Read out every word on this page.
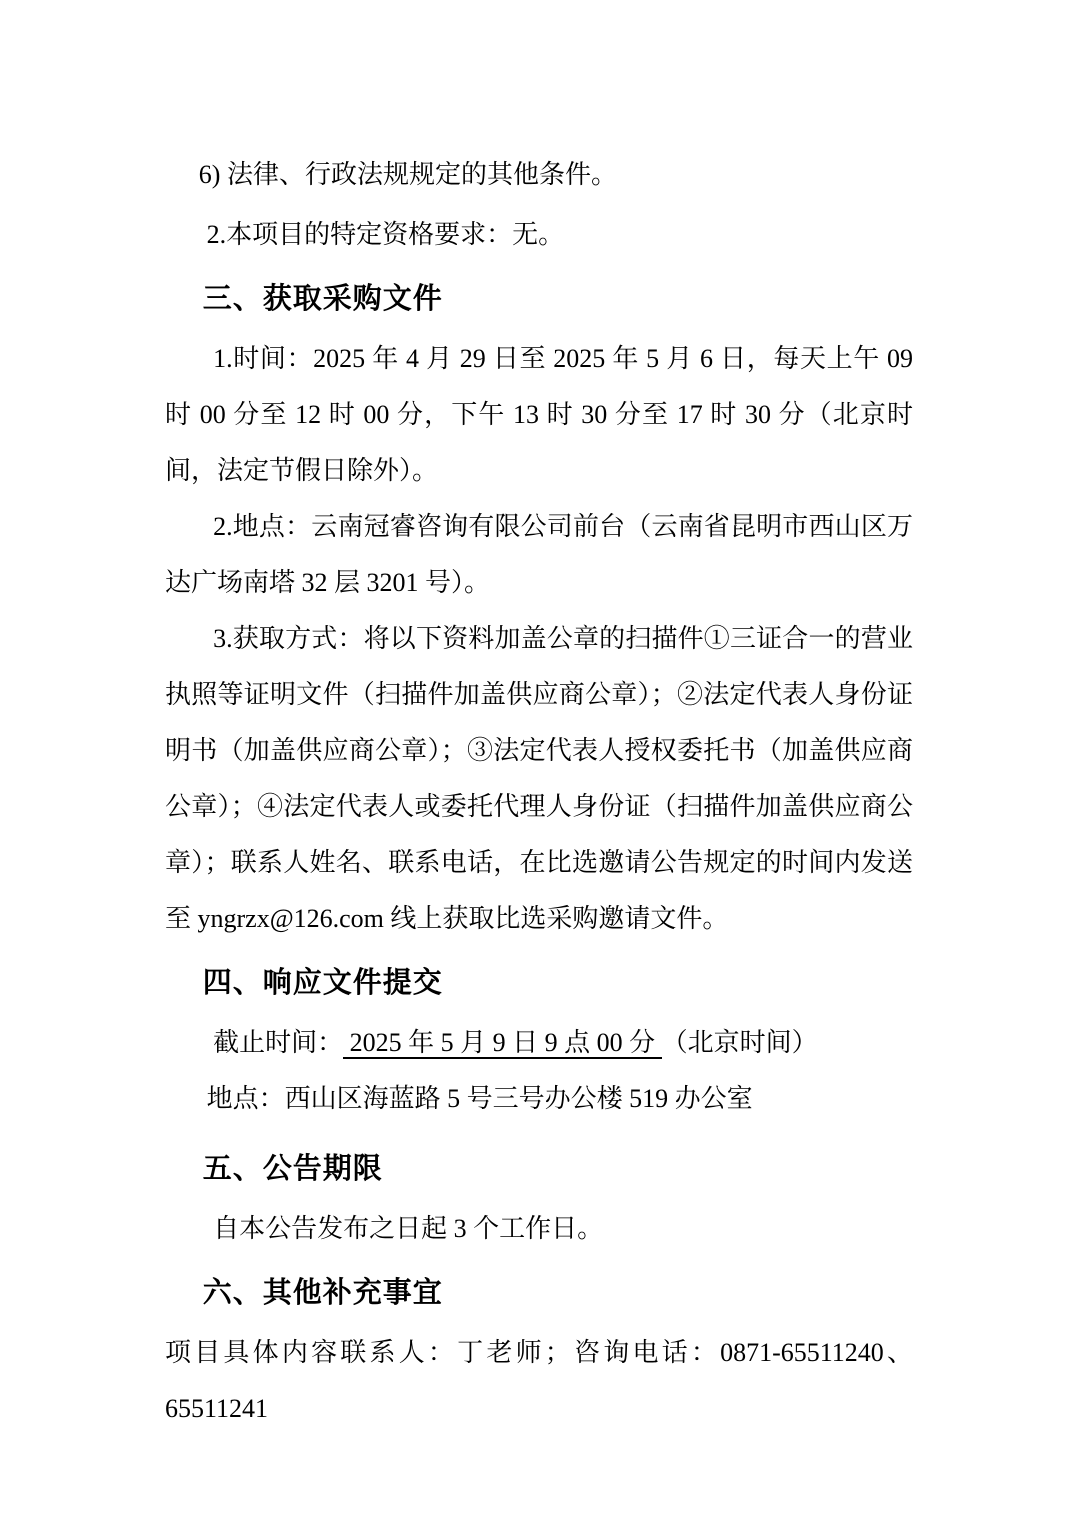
6) 法律、行政法规规定的其他条件。

2.本项目的特定资格要求：无。

三、获取采购文件

1.时间：2025 年 4 月 29 日至 2025 年 5 月 6 日，每天上午 09 时 00 分至 12 时 00 分，下午 13 时 30 分至 17 时 30 分（北京时间，法定节假日除外）。

2.地点：云南冠睿咨询有限公司前台（云南省昆明市西山区万达广场南塔 32 层 3201 号）。

3.获取方式：将以下资料加盖公章的扫描件①三证合一的营业执照等证明文件（扫描件加盖供应商公章）；②法定代表人身份证明书（加盖供应商公章）；③法定代表人授权委托书（加盖供应商公章）；④法定代表人或委托代理人身份证（扫描件加盖供应商公章）；联系人姓名、联系电话，在比选邀请公告规定的时间内发送至 yngrzx@126.com 线上获取比选采购邀请文件。

四、响应文件提交

截止时间： 2025 年 5 月 9 日 9 点 00 分 （北京时间）

地点：西山区海蓝路 5 号三号办公楼 519 办公室

五、公告期限

自本公告发布之日起 3 个工作日。

六、其他补充事宜

项目具体内容联系人：丁老师；咨询电话：0871-65511240、65511241
